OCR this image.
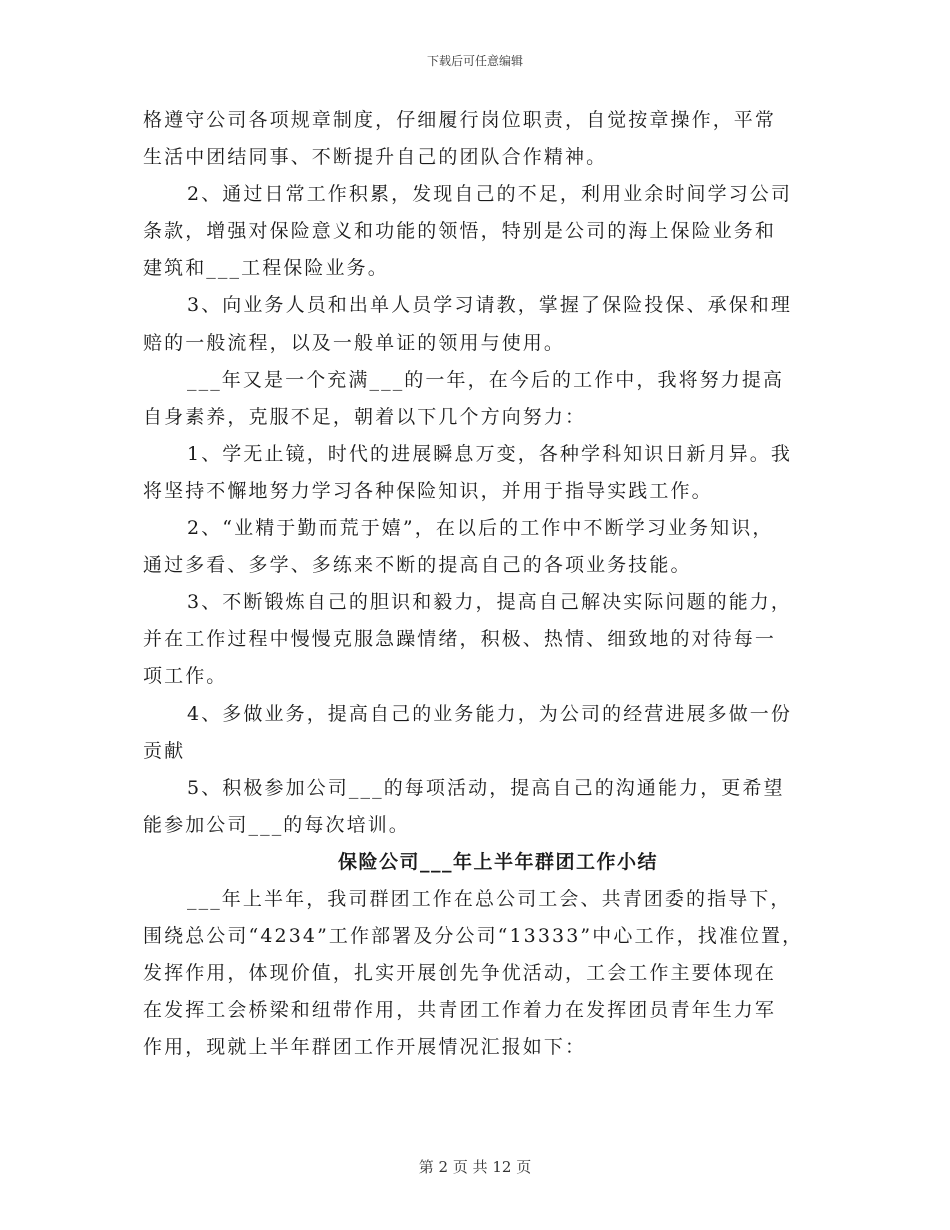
下载后可任意编辑
格遵守公司各项规章制度，仔细履行岗位职责，自觉按章操作，平常
生活中团结同事、不断提升自己的团队合作精神。
2、通过日常工作积累，发现自己的不足，利用业余时间学习公司
条款，增强对保险意义和功能的领悟，特别是公司的海上保险业务和
建筑和___工程保险业务。
3、向业务人员和出单人员学习请教，掌握了保险投保、承保和理
赔的一般流程，以及一般单证的领用与使用。
___年又是一个充满___的一年，在今后的工作中，我将努力提高
自身素养，克服不足，朝着以下几个方向努力：
1、学无止镜，时代的进展瞬息万变，各种学科知识日新月异。我
将坚持不懈地努力学习各种保险知识，并用于指导实践工作。
2、“业精于勤而荒于嬉”，在以后的工作中不断学习业务知识，
通过多看、多学、多练来不断的提高自己的各项业务技能。
3、不断锻炼自己的胆识和毅力，提高自己解决实际问题的能力，
并在工作过程中慢慢克服急躁情绪，积极、热情、细致地的对待每一
项工作。
4、多做业务，提高自己的业务能力，为公司的经营进展多做一份
贡献
5、积极参加公司___的每项活动，提高自己的沟通能力，更希望
能参加公司___的每次培训。
保险公司___年上半年群团工作小结
___年上半年，我司群团工作在总公司工会、共青团委的指导下，
围绕总公司“4234”工作部署及分公司“13333”中心工作，找准位置，
发挥作用，体现价值，扎实开展创先争优活动，工会工作主要体现在
在发挥工会桥梁和纽带作用，共青团工作着力在发挥团员青年生力军
作用，现就上半年群团工作开展情况汇报如下：
第 2 页 共 12 页
